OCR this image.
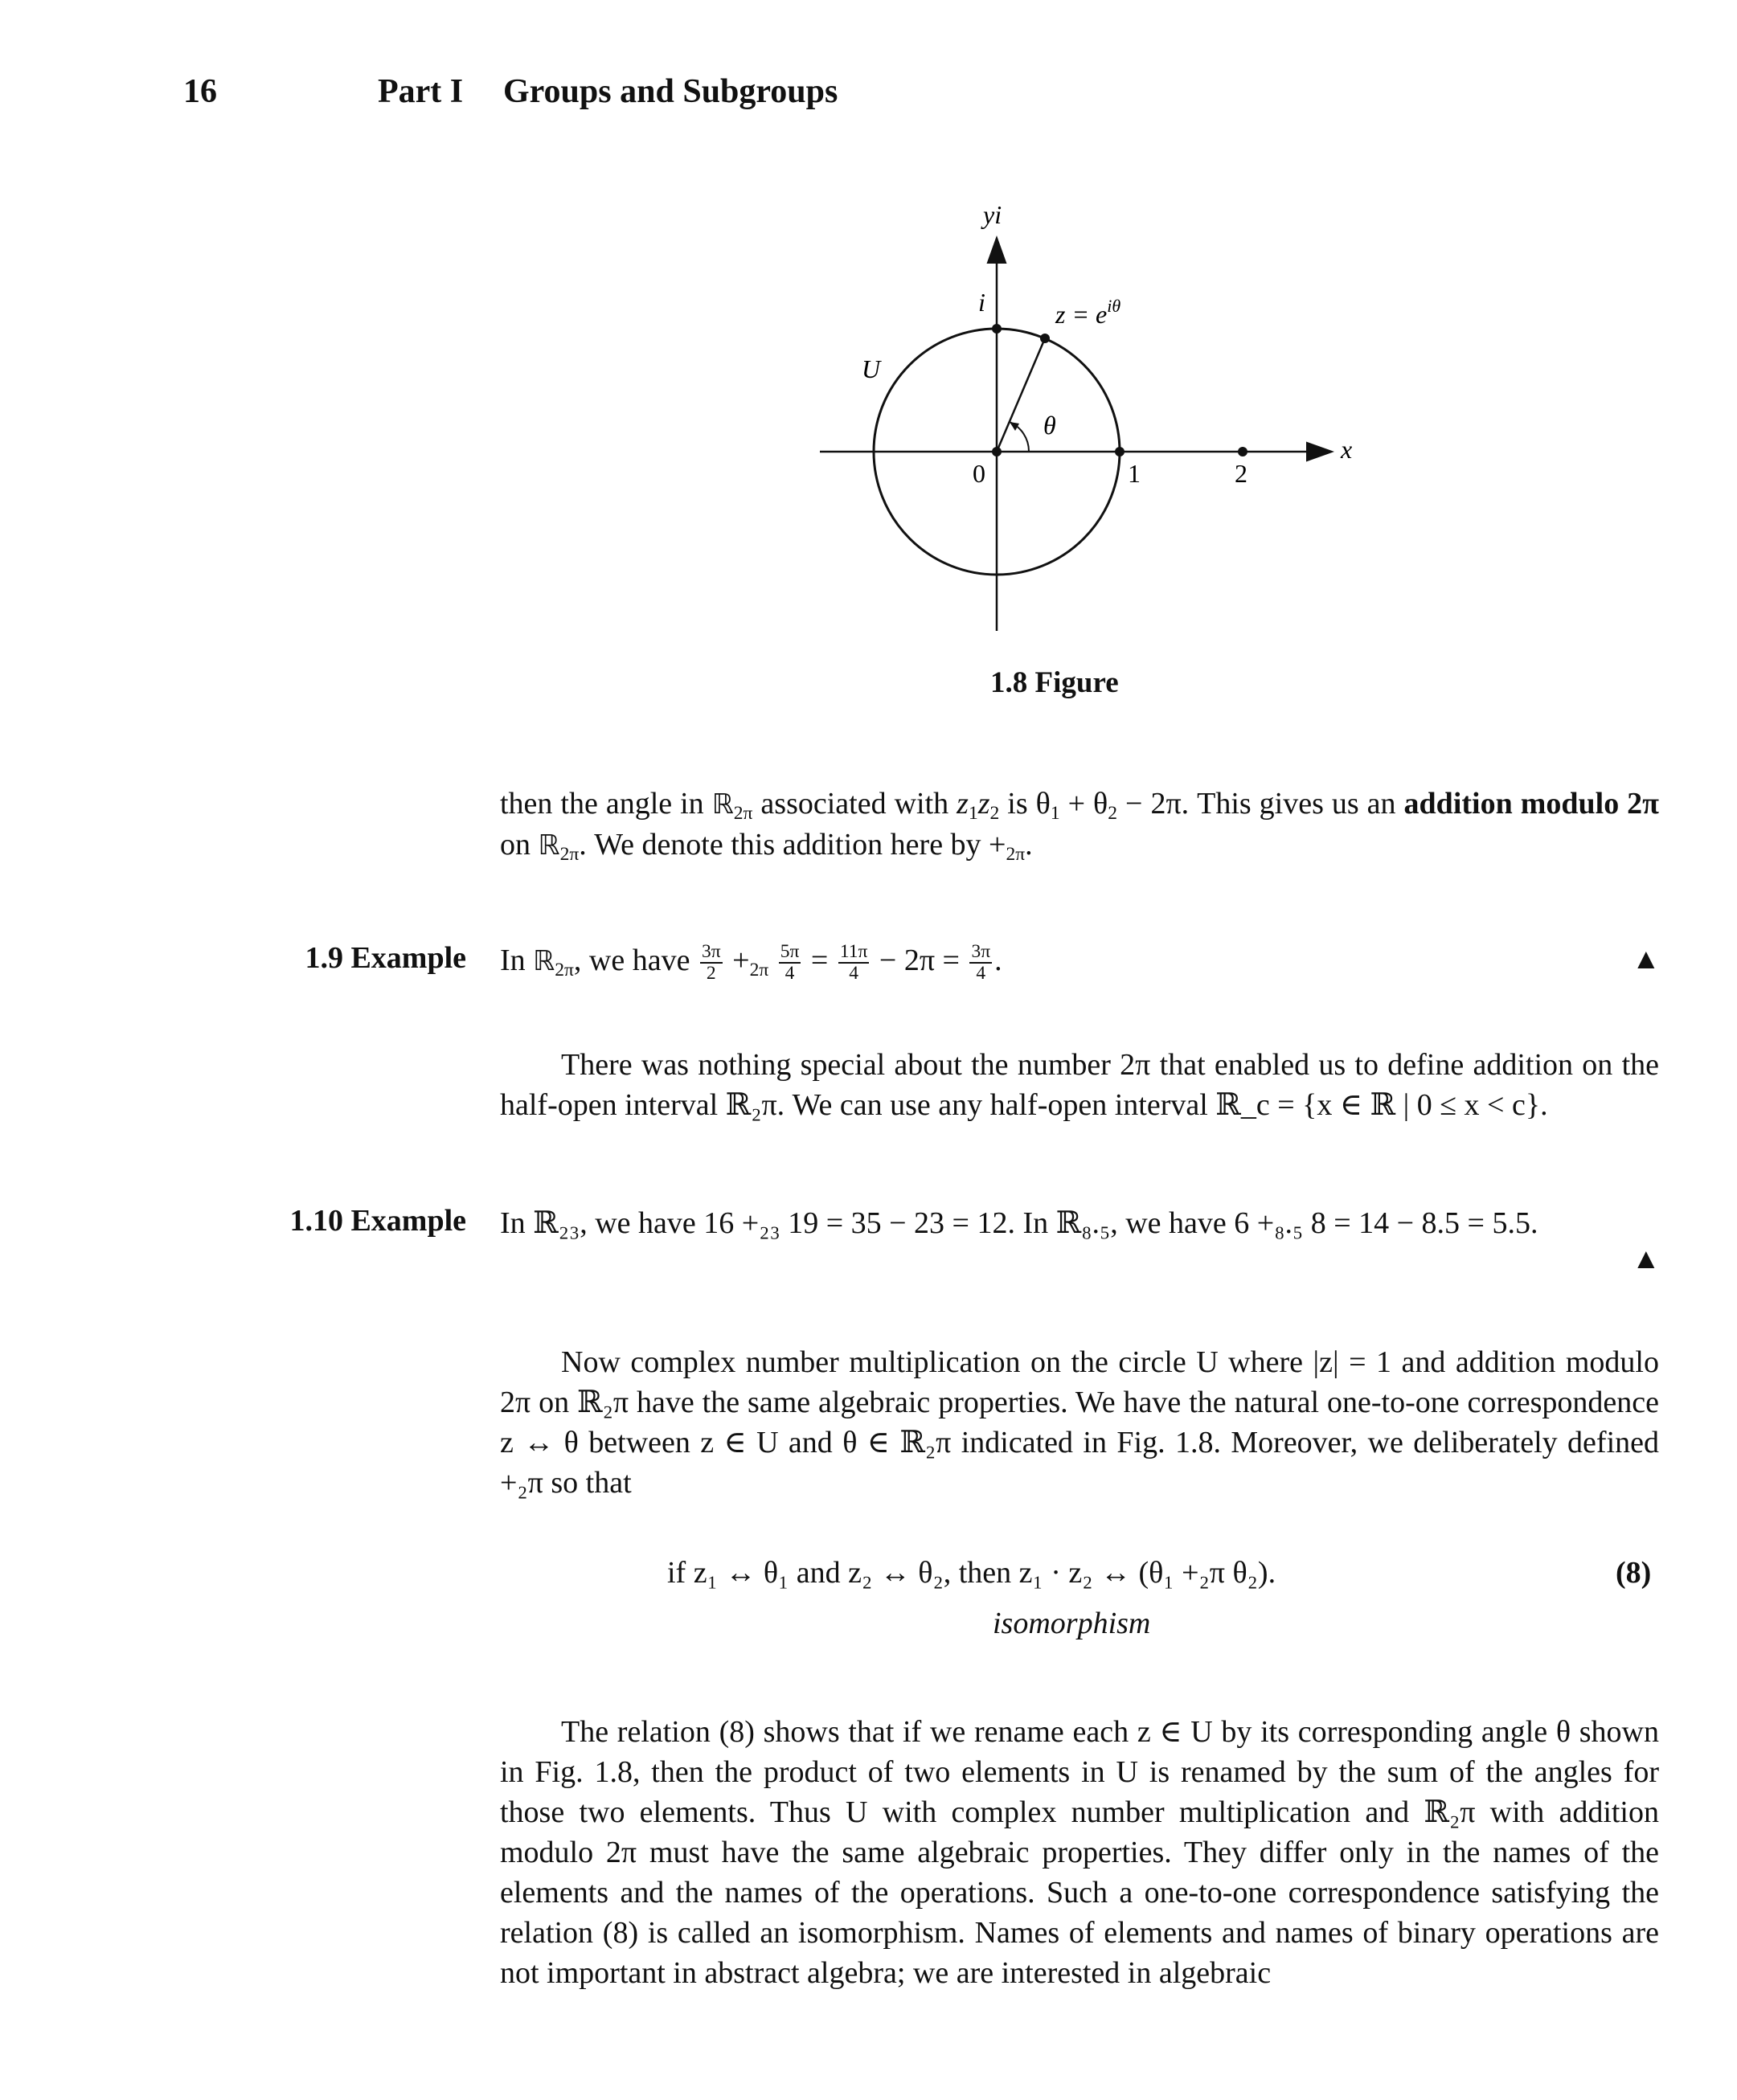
16	Part I Groups and Subgroups
yi
x
i	$z = e^{i\theta}$
U
θ
0	1	2
1.8 Figure
then the angle in ℝ$_{2\pi}$ associated with $z_1z_2$ is $\theta_1 + \theta_2 - 2\pi$. This gives us an addition modulo 2π on ℝ$_{2\pi}$. We denote this addition here by $+_{2\pi}$.
1.9 Example In ℝ$_{2\pi}$, we have $\frac{3\pi}{2} +_{2\pi} \frac{5\pi}{4} = \frac{11\pi}{4} - 2\pi = \frac{3\pi}{4}$ .	▲
There was nothing special about the number 2π that enabled us to define addition on the half-open interval ℝ₂π. We can use any half-open interval ℝ_c = {x ∈ ℝ | 0 ≤ x < c}.
1.10 Example In ℝ₂₃, we have 16 +₂₃ 19 = 35 − 23 = 12. In ℝ₈.₅, we have 6 +₈.₅ 8 = 14 − 8.5 = 5.5.
▲
Now complex number multiplication on the circle U where |z| = 1 and addition modulo 2π on ℝ₂π have the same algebraic properties. We have the natural one-to-one correspondence z ↔ θ between z ∈ U and θ ∈ ℝ₂π indicated in Fig. 1.8. Moreover, we deliberately defined +₂π so that
if z₁ ↔ θ₁ and z₂ ↔ θ₂, then z₁ · z₂ ↔ (θ₁ +₂π θ₂).	(8)
isomorphism
The relation (8) shows that if we rename each z ∈ U by its corresponding angle θ shown in Fig. 1.8, then the product of two elements in U is renamed by the sum of the angles for those two elements. Thus U with complex number multiplication and ℝ₂π with addition modulo 2π must have the same algebraic properties. They differ only in the names of the elements and the names of the operations. Such a one-to-one correspondence satisfying the relation (8) is called an isomorphism. Names of elements and names of binary operations are not important in abstract algebra; we are interested in algebraic
